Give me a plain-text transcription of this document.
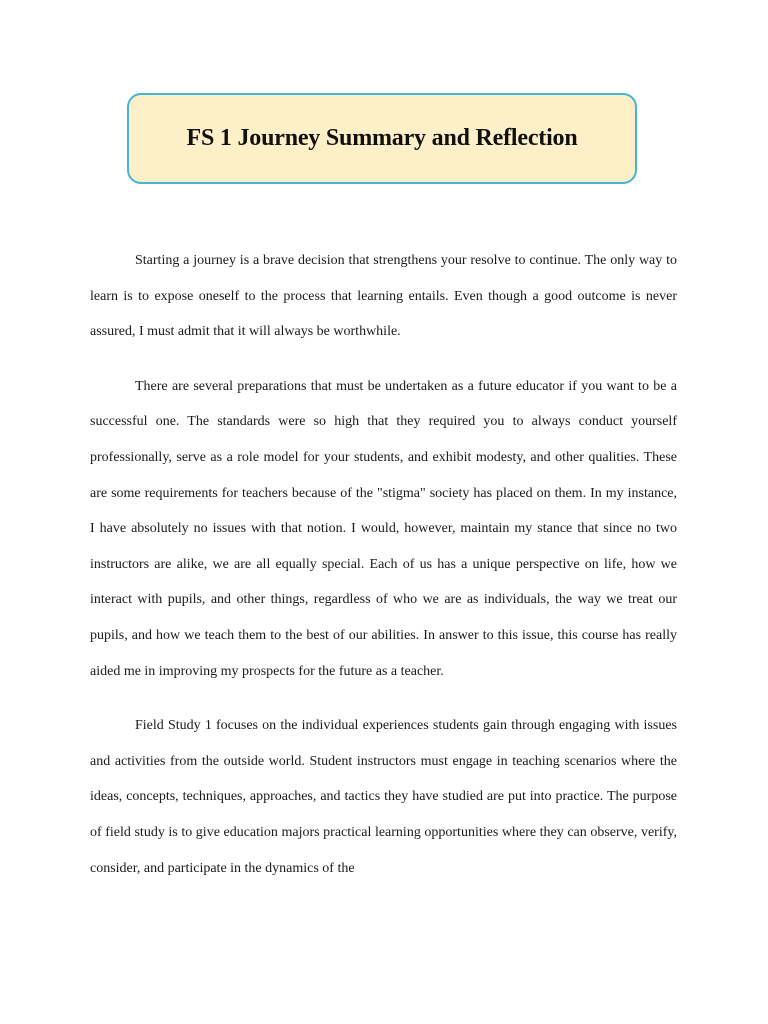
FS 1 Journey Summary and Reflection

Starting a journey is a brave decision that strengthens your resolve to continue. The only way to learn is to expose oneself to the process that learning entails. Even though a good outcome is never assured, I must admit that it will always be worthwhile.

There are several preparations that must be undertaken as a future educator if you want to be a successful one. The standards were so high that they required you to always conduct yourself professionally, serve as a role model for your students, and exhibit modesty, and other qualities. These are some requirements for teachers because of the "stigma" society has placed on them. In my instance, I have absolutely no issues with that notion. I would, however, maintain my stance that since no two instructors are alike, we are all equally special. Each of us has a unique perspective on life, how we interact with pupils, and other things, regardless of who we are as individuals, the way we treat our pupils, and how we teach them to the best of our abilities. In answer to this issue, this course has really aided me in improving my prospects for the future as a teacher.

Field Study 1 focuses on the individual experiences students gain through engaging with issues and activities from the outside world. Student instructors must engage in teaching scenarios where the ideas, concepts, techniques, approaches, and tactics they have studied are put into practice. The purpose of field study is to give education majors practical learning opportunities where they can observe, verify, consider, and participate in the dynamics of the
